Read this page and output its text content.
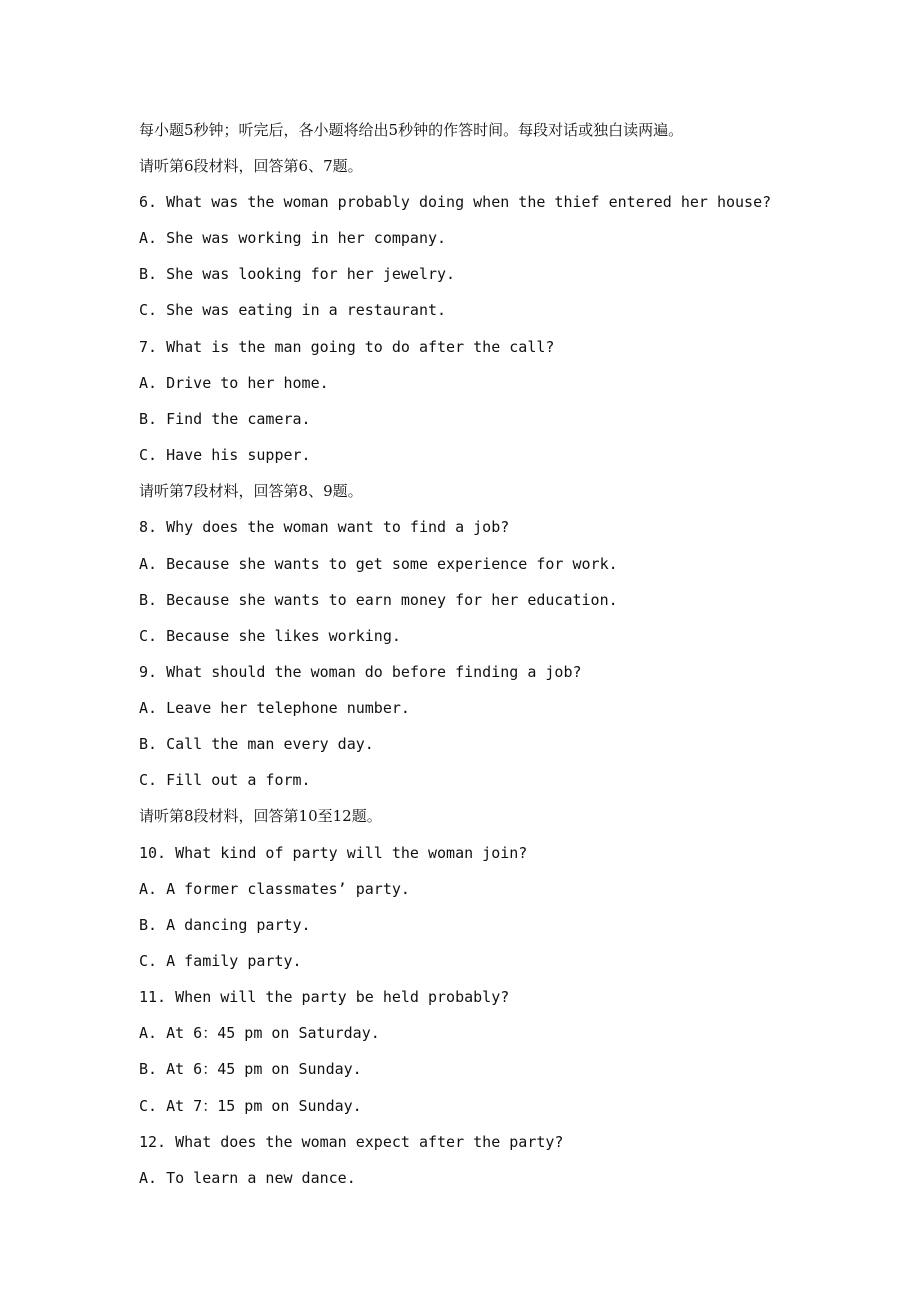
每小题5秒钟；听完后，各小题将给出5秒钟的作答时间。每段对话或独白读两遍。
请听第6段材料，回答第6、7题。
6. What was the woman probably doing when the thief entered her house?
A. She was working in her company.
B. She was looking for her jewelry.
C. She was eating in a restaurant.
7. What is the man going to do after the call?
A. Drive to her home.
B. Find the camera.
C. Have his supper.
请听第7段材料，回答第8、9题。
8. Why does the woman want to find a job?
A. Because she wants to get some experience for work.
B. Because she wants to earn money for her education.
C. Because she likes working.
9. What should the woman do before finding a job?
A. Leave her telephone number.
B. Call the man every day.
C. Fill out a form.
请听第8段材料，回答第10至12题。
10. What kind of party will the woman join?
A. A former classmates’ party.
B. A dancing party.
C. A family party.
11. When will the party be held probably?
A. At 6：45 pm on Saturday.
B. At 6：45 pm on Sunday.
C. At 7：15 pm on Sunday.
12. What does the woman expect after the party?
A. To learn a new dance.
